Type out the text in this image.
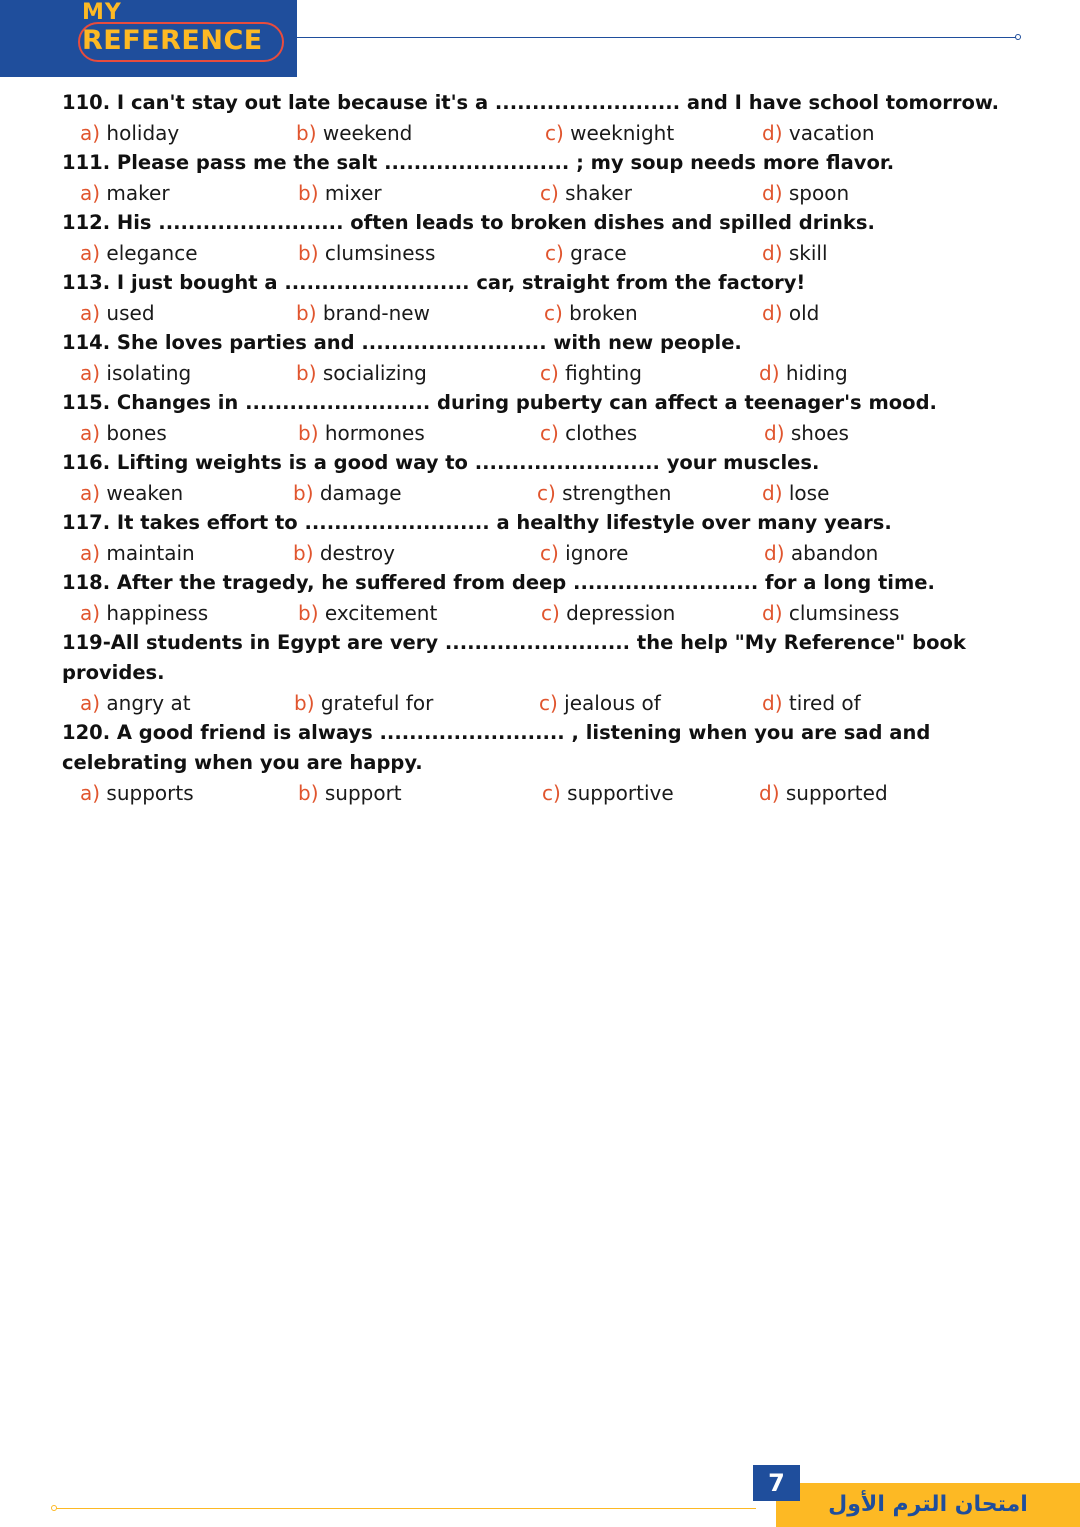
MY
REFERENCE
110. I can't stay out late because it's a ......................... and I have school tomorrow.
a) holiday	b) weekend	c) weeknight	d) vacation
111. Please pass me the salt ......................... ; my soup needs more flavor.
a) maker	b) mixer	c) shaker	d) spoon
112. His ......................... often leads to broken dishes and spilled drinks.
a) elegance	b) clumsiness	c) grace	d) skill
113. I just bought a ......................... car, straight from the factory!
a) used	b) brand-new	c) broken	d) old
114. She loves parties and ......................... with new people.
a) isolating	b) socializing	c) fighting	d) hiding
115. Changes in ......................... during puberty can affect a teenager's mood.
a) bones	b) hormones	c) clothes	d) shoes
116. Lifting weights is a good way to ......................... your muscles.
a) weaken	b) damage	c) strengthen	d) lose
117. It takes effort to ......................... a healthy lifestyle over many years.
a) maintain	b) destroy	c) ignore	d) abandon
118. After the tragedy, he suffered from deep ......................... for a long time.
a) happiness	b) excitement	c) depression	d) clumsiness
119-All students in Egypt are very ......................... the help "My Reference" book provides.
a) angry at	b) grateful for	c) jealous of	d) tired of
120. A good friend is always ......................... , listening when you are sad and celebrating when you are happy.
a) supports	b) support	c) supportive	d) supported
امتحان الترم الأول
7
